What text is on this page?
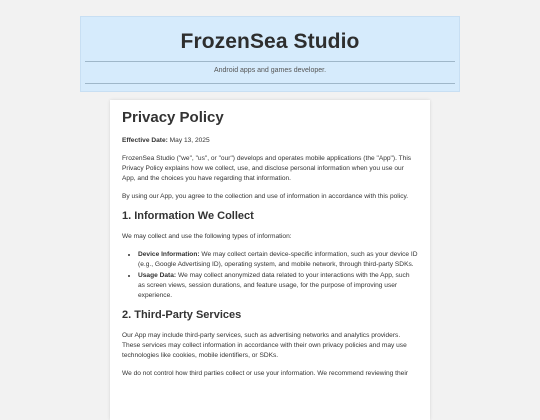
FrozenSea Studio
Android apps and games developer.
Privacy Policy

Effective Date: May 13, 2025

FrozenSea Studio ("we", "us", or "our") develops and operates mobile applications (the "App"). This Privacy Policy explains how we collect, use, and disclose personal information when you use our App, and the choices you have regarding that information.

By using our App, you agree to the collection and use of information in accordance with this policy.

1. Information We Collect

We may collect and use the following types of information:

• Device Information: We may collect certain device-specific information, such as your device ID (e.g., Google Advertising ID), operating system, and mobile network, through third-party SDKs.
• Usage Data: We may collect anonymized data related to your interactions with the App, such as screen views, session durations, and feature usage, for the purpose of improving user experience.
2. Third-Party Services

Our App may include third-party services, such as advertising networks and analytics providers. These services may collect information in accordance with their own privacy policies and may use technologies like cookies, mobile identifiers, or SDKs.

We do not control how third parties collect or use your information. We recommend reviewing their
